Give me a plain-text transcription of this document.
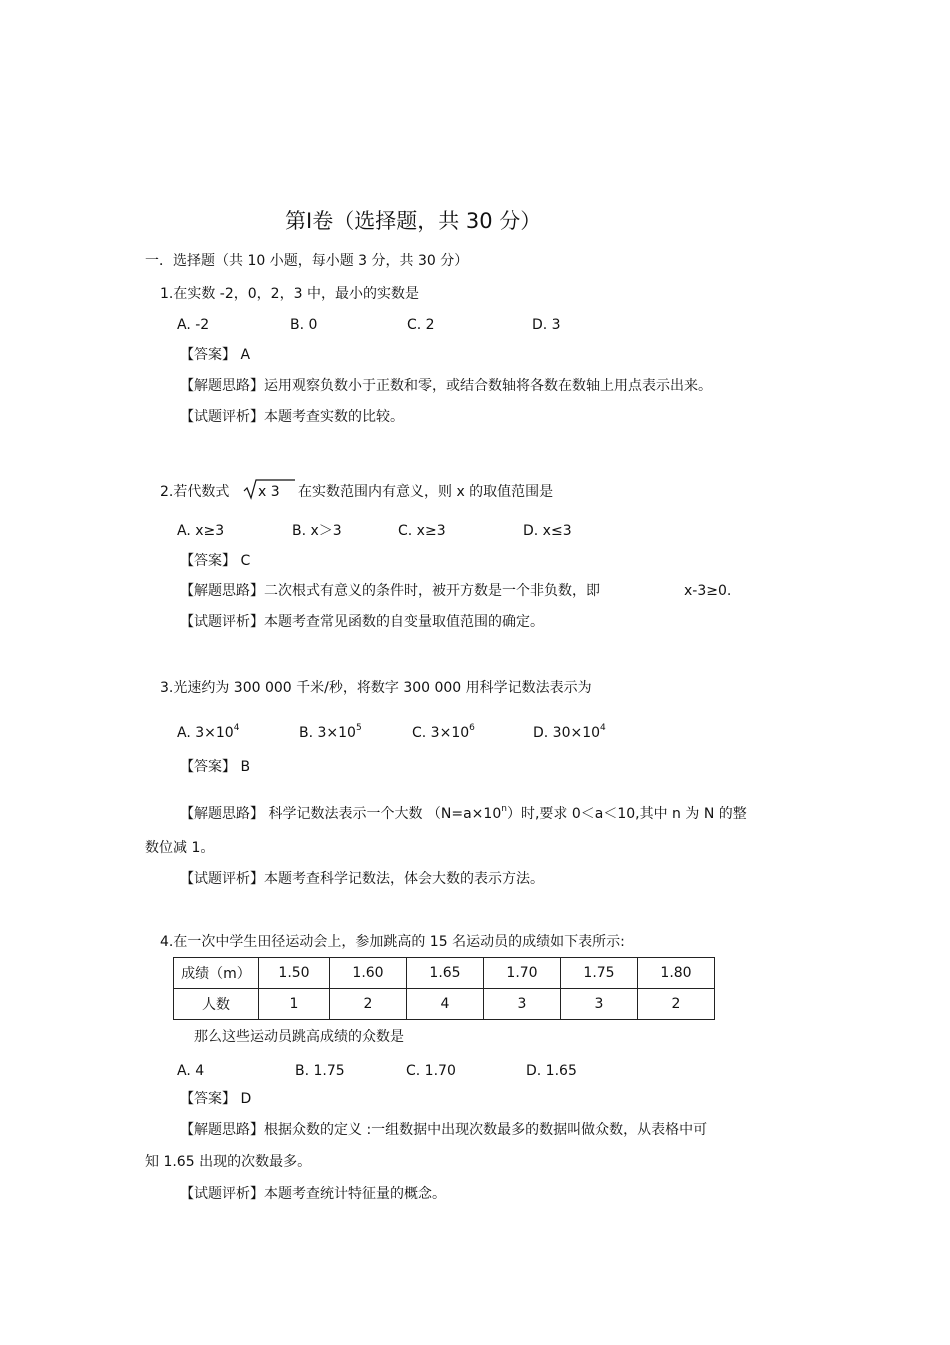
第Ⅰ卷（选择题，共 30 分）
一．选择题（共 10 小题，每小题 3 分，共 30 分）
1.在实数 -2，0，2，3 中，最小的实数是
A. -2	B. 0	C. 2	D. 3
【答案】 A
【解题思路】运用观察负数小于正数和零，或结合数轴将各数在数轴上用点表示出来。
【试题评析】本题考查实数的比较。
2.若代数式 x 3 在实数范围内有意义，则 x 的取值范围是
A. x≥3	B. x＞3	C. x≥3	D. x≤3
【答案】 C
【解题思路】二次根式有意义的条件时，被开方数是一个非负数，即	x-3≥0.
【试题评析】本题考查常见函数的自变量取值范围的确定。
3.光速约为 300 000 千米/秒，将数字 300 000 用科学记数法表示为
A. $3\times 10^4$	B. $3\times 10^5$	C. $3\times 10^6$	D. $30\times 10^4$
【答案】 B
【解题思路】 科学记数法表示一个大数 $(N=a\times 10^n)$时,要求 0＜a＜10,其中 n 为 N 的整
数位减 1。
【试题评析】本题考查科学记数法，体会大数的表示方法。
4.在一次中学生田径运动会上，参加跳高的 15 名运动员的成绩如下表所示:
成绩（m）	1.50	1.60	1.65	1.70	1.75	1.80
人数	1	2	4	3	3	2
那么这些运动员跳高成绩的众数是
A. 4	B. 1.75	C. 1.70	D. 1.65
【答案】 D
【解题思路】根据众数的定义 :一组数据中出现次数最多的数据叫做众数，从表格中可
知 1.65 出现的次数最多。
【试题评析】本题考查统计特征量的概念。
